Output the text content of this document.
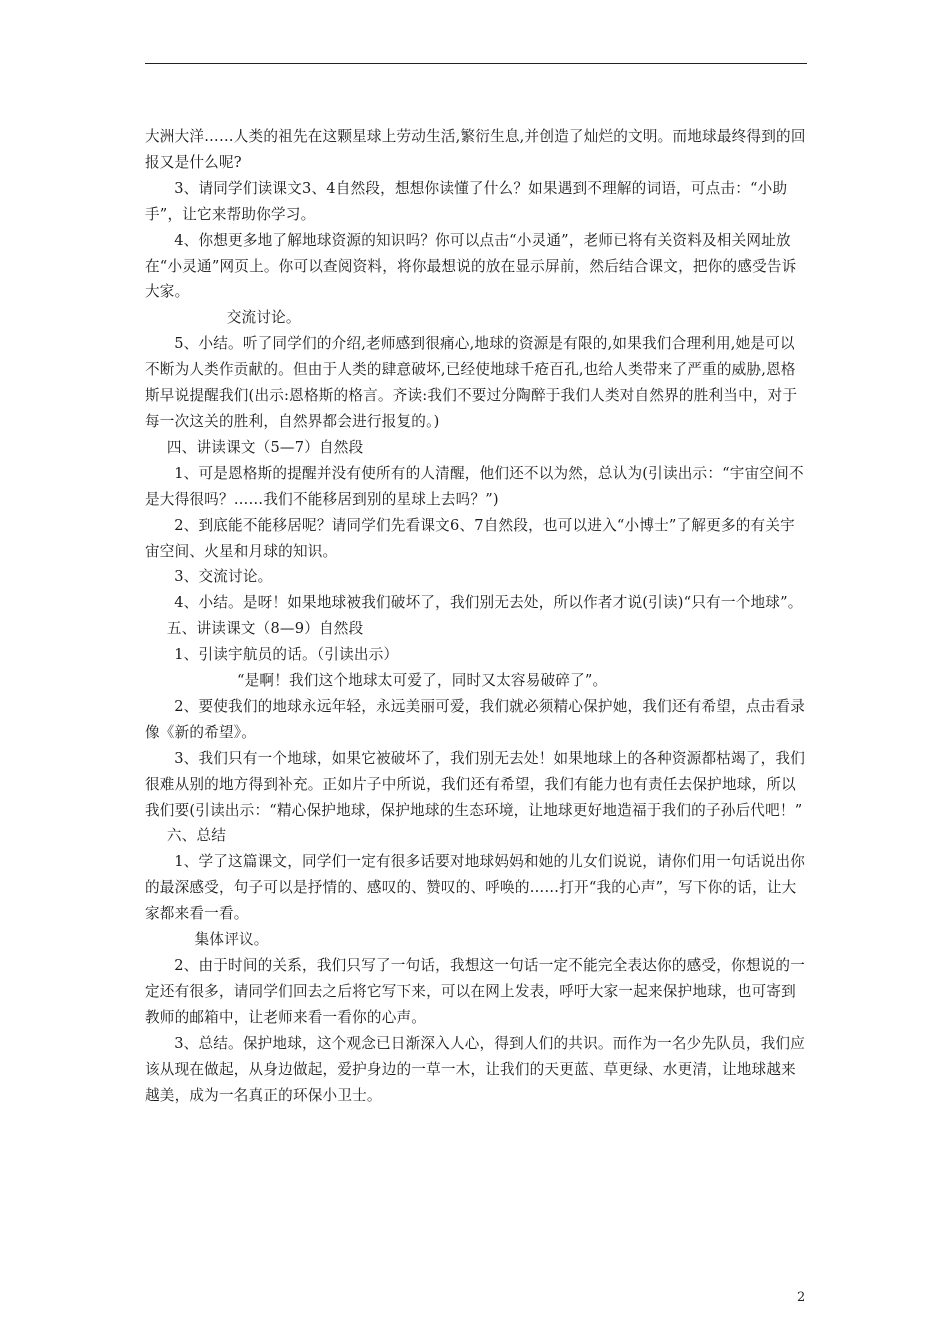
大洲大洋……人类的祖先在这颗星球上劳动生活,繁衍生息,并创造了灿烂的文明。而地球最终得到的回报又是什么呢?

3、请同学们读课文3、4自然段，想想你读懂了什么？如果遇到不理解的词语，可点击：“小助手”，让它来帮助你学习。

4、你想更多地了解地球资源的知识吗？你可以点击“小灵通”，老师已将有关资料及相关网址放在“小灵通”网页上。你可以查阅资料，将你最想说的放在显示屏前，然后结合课文，把你的感受告诉大家。

交流讨论。

5、小结。听了同学们的介绍,老师感到很痛心,地球的资源是有限的,如果我们合理利用,她是可以不断为人类作贡献的。但由于人类的肆意破坏,已经使地球千疮百孔,也给人类带来了严重的威胁,恩格斯早说提醒我们(出示:恩格斯的格言。齐读:我们不要过分陶醉于我们人类对自然界的胜利当中，对于每一次这关的胜利，自然界都会进行报复的。)

四、讲读课文（5—7）自然段

1、可是恩格斯的提醒并没有使所有的人清醒，他们还不以为然，总认为(引读出示：“宇宙空间不是大得很吗？……我们不能移居到别的星球上去吗？”)

2、到底能不能移居呢？请同学们先看课文6、7自然段，也可以进入“小博士”了解更多的有关宇宙空间、火星和月球的知识。

3、交流讨论。

4、小结。是呀！如果地球被我们破坏了，我们别无去处，所以作者才说(引读)“只有一个地球”。

五、讲读课文（8—9）自然段

1、引读宇航员的话。（引读出示）

“是啊！我们这个地球太可爱了，同时又太容易破碎了”。

2、要使我们的地球永远年轻，永远美丽可爱，我们就必须精心保护她，我们还有希望，点击看录像《新的希望》。

3、我们只有一个地球，如果它被破坏了，我们别无去处！如果地球上的各种资源都枯竭了，我们很难从别的地方得到补充。正如片子中所说，我们还有希望，我们有能力也有责任去保护地球，所以我们要(引读出示：“精心保护地球，保护地球的生态环境，让地球更好地造福于我们的子孙后代吧！”

六、总结

1、学了这篇课文，同学们一定有很多话要对地球妈妈和她的儿女们说说，请你们用一句话说出你的最深感受，句子可以是抒情的、感叹的、赞叹的、呼唤的……打开“我的心声”，写下你的话，让大家都来看一看。

集体评议。

2、由于时间的关系，我们只写了一句话，我想这一句话一定不能完全表达你的感受，你想说的一定还有很多，请同学们回去之后将它写下来，可以在网上发表，呼吁大家一起来保护地球，也可寄到教师的邮箱中，让老师来看一看你的心声。

3、总结。保护地球，这个观念已日渐深入人心，得到人们的共识。而作为一名少先队员，我们应该从现在做起，从身边做起，爱护身边的一草一木，让我们的天更蓝、草更绿、水更清，让地球越来越美，成为一名真正的环保小卫士。

2
